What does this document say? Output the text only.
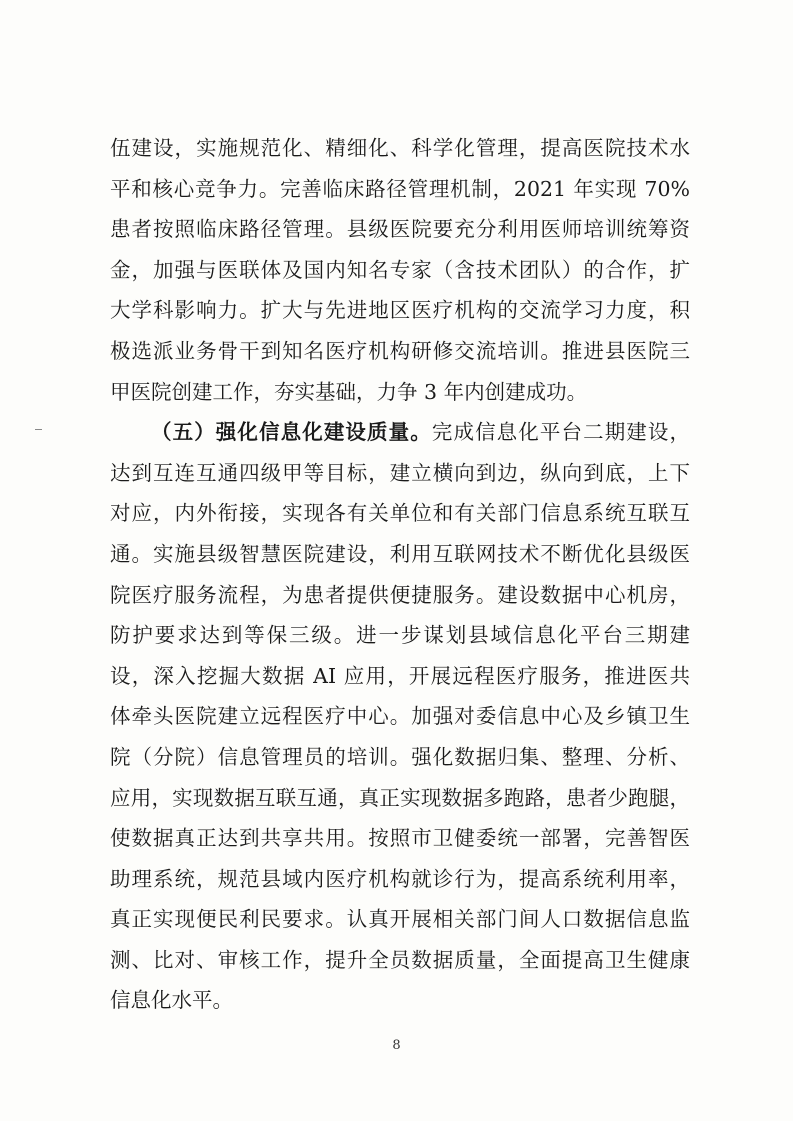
伍建设，实施规范化、精细化、科学化管理，提高医院技术水
平和核心竞争力。完善临床路径管理机制，2021 年实现 70%
患者按照临床路径管理。县级医院要充分利用医师培训统筹资
金，加强与医联体及国内知名专家（含技术团队）的合作，扩
大学科影响力。扩大与先进地区医疗机构的交流学习力度，积
极选派业务骨干到知名医疗机构研修交流培训。推进县医院三
甲医院创建工作，夯实基础，力争 3 年内创建成功。
（五）强化信息化建设质量。完成信息化平台二期建设，
达到互连互通四级甲等目标，建立横向到边，纵向到底，上下
对应，内外衔接，实现各有关单位和有关部门信息系统互联互
通。实施县级智慧医院建设，利用互联网技术不断优化县级医
院医疗服务流程，为患者提供便捷服务。建设数据中心机房，
防护要求达到等保三级。进一步谋划县域信息化平台三期建
设，深入挖掘大数据 AI 应用，开展远程医疗服务，推进医共
体牵头医院建立远程医疗中心。加强对委信息中心及乡镇卫生
院（分院）信息管理员的培训。强化数据归集、整理、分析、
应用，实现数据互联互通，真正实现数据多跑路，患者少跑腿，
使数据真正达到共享共用。按照市卫健委统一部署，完善智医
助理系统，规范县域内医疗机构就诊行为，提高系统利用率，
真正实现便民利民要求。认真开展相关部门间人口数据信息监
测、比对、审核工作，提升全员数据质量，全面提高卫生健康
信息化水平。
8
